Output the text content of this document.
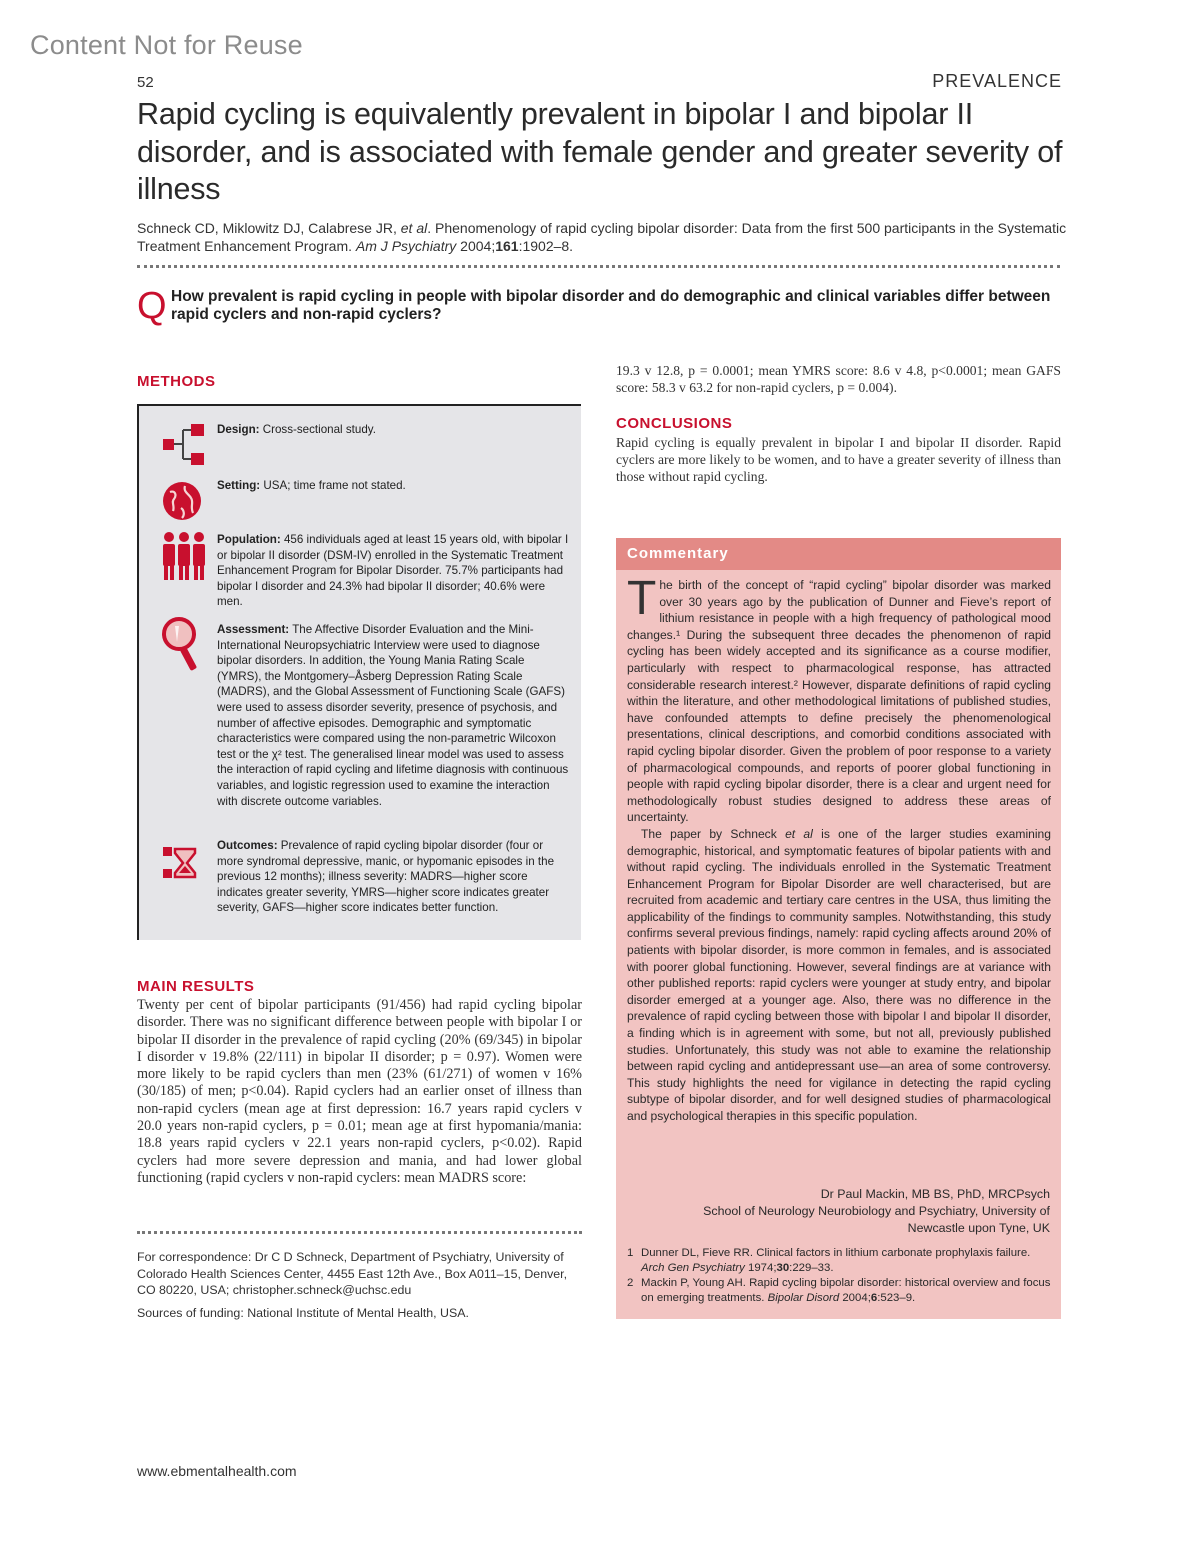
Content Not for Reuse
52	PREVALENCE
Rapid cycling is equivalently prevalent in bipolar I and bipolar II disorder, and is associated with female gender and greater severity of illness
Schneck CD, Miklowitz DJ, Calabrese JR, et al. Phenomenology of rapid cycling bipolar disorder: Data from the first 500 participants in the Systematic Treatment Enhancement Program. Am J Psychiatry 2004;161:1902–8.
Q How prevalent is rapid cycling in people with bipolar disorder and do demographic and clinical variables differ between rapid cyclers and non-rapid cyclers?
METHODS
Design: Cross-sectional study.
Setting: USA; time frame not stated.
Population: 456 individuals aged at least 15 years old, with bipolar I or bipolar II disorder (DSM-IV) enrolled in the Systematic Treatment Enhancement Program for Bipolar Disorder. 75.7% participants had bipolar I disorder and 24.3% had bipolar II disorder; 40.6% were men.
Assessment: The Affective Disorder Evaluation and the Mini-International Neuropsychiatric Interview were used to diagnose bipolar disorders. In addition, the Young Mania Rating Scale (YMRS), the Montgomery–Åsberg Depression Rating Scale (MADRS), and the Global Assessment of Functioning Scale (GAFS) were used to assess disorder severity, presence of psychosis, and number of affective episodes. Demographic and symptomatic characteristics were compared using the non-parametric Wilcoxon test or the χ² test. The generalised linear model was used to assess the interaction of rapid cycling and lifetime diagnosis with continuous variables, and logistic regression used to examine the interaction with discrete outcome variables.
Outcomes: Prevalence of rapid cycling bipolar disorder (four or more syndromal depressive, manic, or hypomanic episodes in the previous 12 months); illness severity: MADRS—higher score indicates greater severity, YMRS—higher score indicates greater severity, GAFS—higher score indicates better function.
MAIN RESULTS
Twenty per cent of bipolar participants (91/456) had rapid cycling bipolar disorder. There was no significant difference between people with bipolar I or bipolar II disorder in the prevalence of rapid cycling (20% (69/345) in bipolar I disorder v 19.8% (22/111) in bipolar II disorder; p = 0.97). Women were more likely to be rapid cyclers than men (23% (61/271) of women v 16% (30/185) of men; p<0.04). Rapid cyclers had an earlier onset of illness than non-rapid cyclers (mean age at first depression: 16.7 years rapid cyclers v 20.0 years non-rapid cyclers, p = 0.01; mean age at first hypomania/mania: 18.8 years rapid cyclers v 22.1 years non-rapid cyclers, p<0.02). Rapid cyclers had more severe depression and mania, and had lower global functioning (rapid cyclers v non-rapid cyclers: mean MADRS score:
For correspondence: Dr C D Schneck, Department of Psychiatry, University of Colorado Health Sciences Center, 4455 East 12th Ave., Box A011–15, Denver, CO 80220, USA; christopher.schneck@uchsc.edu
Sources of funding: National Institute of Mental Health, USA.
19.3 v 12.8, p = 0.0001; mean YMRS score: 8.6 v 4.8, p<0.0001; mean GAFS score: 58.3 v 63.2 for non-rapid cyclers, p = 0.004).
CONCLUSIONS
Rapid cycling is equally prevalent in bipolar I and bipolar II disorder. Rapid cyclers are more likely to be women, and to have a greater severity of illness than those without rapid cycling.
Commentary

The birth of the concept of “rapid cycling” bipolar disorder was marked over 30 years ago by the publication of Dunner and Fieve’s report of lithium resistance in people with a high frequency of pathological mood changes.¹ During the subsequent three decades the phenomenon of rapid cycling has been widely accepted and its significance as a course modifier, particularly with respect to pharmacological response, has attracted considerable research interest.² However, disparate definitions of rapid cycling within the literature, and other methodological limitations of published studies, have confounded attempts to define precisely the phenomenological presentations, clinical descriptions, and comorbid conditions associated with rapid cycling bipolar disorder. Given the problem of poor response to a variety of pharmacological compounds, and reports of poorer global functioning in people with rapid cycling bipolar disorder, there is a clear and urgent need for methodologically robust studies designed to address these areas of uncertainty.

The paper by Schneck et al is one of the larger studies examining demographic, historical, and symptomatic features of bipolar patients with and without rapid cycling. The individuals enrolled in the Systematic Treatment Enhancement Program for Bipolar Disorder are well characterised, but are recruited from academic and tertiary care centres in the USA, thus limiting the applicability of the findings to community samples. Notwithstanding, this study confirms several previous findings, namely: rapid cycling affects around 20% of patients with bipolar disorder, is more common in females, and is associated with poorer global functioning. However, several findings are at variance with other published reports: rapid cyclers were younger at study entry, and bipolar disorder emerged at a younger age. Also, there was no difference in the prevalence of rapid cycling between those with bipolar I and bipolar II disorder, a finding which is in agreement with some, but not all, previously published studies. Unfortunately, this study was not able to examine the relationship between rapid cycling and antidepressant use—an area of some controversy. This study highlights the need for vigilance in detecting the rapid cycling subtype of bipolar disorder, and for well designed studies of pharmacological and psychological therapies in this specific population.

Dr Paul Mackin, MB BS, PhD, MRCPsych
School of Neurology Neurobiology and Psychiatry, University of
Newcastle upon Tyne, UK
1 Dunner DL, Fieve RR. Clinical factors in lithium carbonate prophylaxis failure. Arch Gen Psychiatry 1974;30:229–33.
2 Mackin P, Young AH. Rapid cycling bipolar disorder: historical overview and focus on emerging treatments. Bipolar Disord 2004;6:523–9.
www.ebmentalhealth.com
